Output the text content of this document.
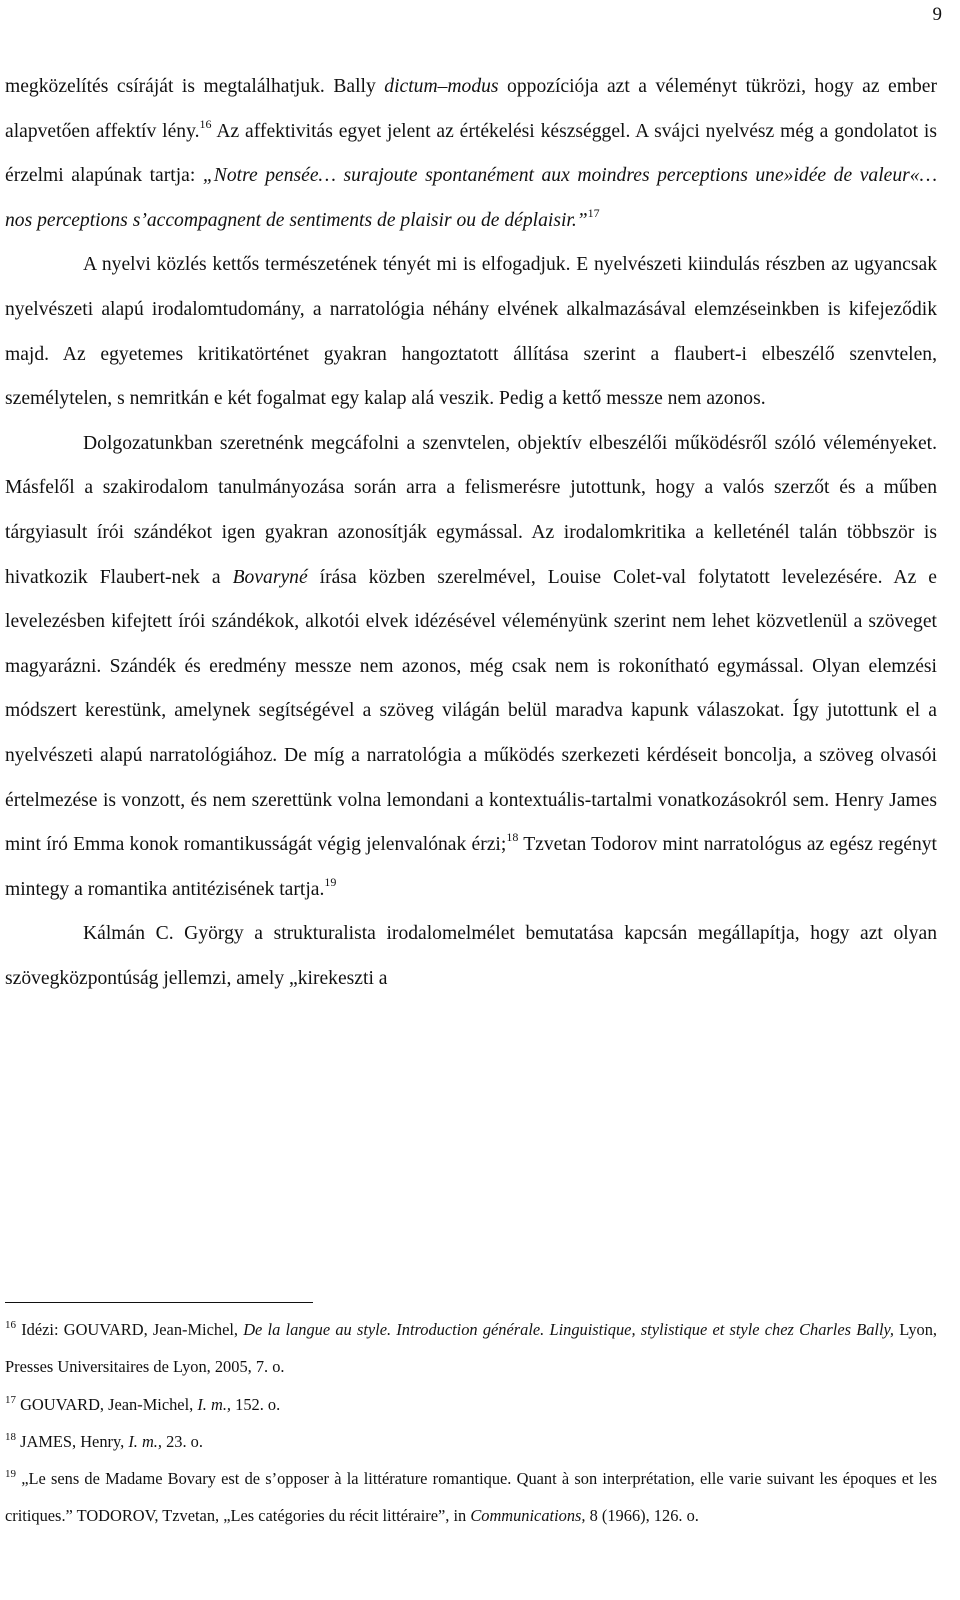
9

megközelítés csíráját is megtalálhatjuk. Bally dictum–modus oppozíciója azt a véleményt tükrözi, hogy az ember alapvetően affektív lény.$^{16}$ Az affektivitás egyet jelent az értékelési készséggel. A svájci nyelvész még a gondolatot is érzelmi alapúnak tartja: „Notre pensée… surajoute spontanément aux moindres perceptions une»idée de valeur«… nos perceptions s’accompagnent de sentiments de plaisir ou de déplaisir.”$^{17}$

A nyelvi közlés kettős természetének tényét mi is elfogadjuk. E nyelvészeti kiindulás részben az ugyancsak nyelvészeti alapú irodalomtudomány, a narratológia néhány elvének alkalmazásával elemzéseinkben is kifejeződik majd. Az egyetemes kritikatörténet gyakran hangoztatott állítása szerint a flaubert-i elbeszélő szenvtelen, személytelen, s nemritkán e két fogalmat egy kalap alá veszik. Pedig a kettő messze nem azonos.

Dolgozatunkban szeretnénk megcáfolni a szenvtelen, objektív elbeszélői működésről szóló véleményeket. Másfelől a szakirodalom tanulmányozása során arra a felismerésre jutottunk, hogy a valós szerzőt és a műben tárgyiasult írói szándékot igen gyakran azonosítják egymással. Az irodalomkritika a kelleténél talán többször is hivatkozik Flaubert-nek a Bovaryné írása közben szerelmével, Louise Colet-val folytatott levelezésére. Az e levelezésben kifejtett írói szándékok, alkotói elvek idézésével véleményünk szerint nem lehet közvetlenül a szöveget magyarázni. Szándék és eredmény messze nem azonos, még csak nem is rokonítható egymással. Olyan elemzési módszert kerestünk, amelynek segítségével a szöveg világán belül maradva kapunk válaszokat. Így jutottunk el a nyelvészeti alapú narratológiához. De míg a narratológia a működés szerkezeti kérdéseit boncolja, a szöveg olvasói értelmezése is vonzott, és nem szerettünk volna lemondani a kontextuális-tartalmi vonatkozásokról sem. Henry James mint író Emma konok romantikusságát végig jelenvalónak érzi;$^{18}$ Tzvetan Todorov mint narratológus az egész regényt mintegy a romantika antitézisének tartja.$^{19}$

Kálmán C. György a strukturalista irodalomelmélet bemutatása kapcsán megállapítja, hogy azt olyan szövegközpontúság jellemzi, amely „kirekeszti a

$^{16}$ Idézi: GOUVARD, Jean-Michel, De la langue au style. Introduction générale. Linguistique, stylistique et style chez Charles Bally, Lyon, Presses Universitaires de Lyon, 2005, 7. o.

$^{17}$ GOUVARD, Jean-Michel, I. m., 152. o.

$^{18}$ JAMES, Henry, I. m., 23. o.

$^{19}$ „Le sens de Madame Bovary est de s’opposer à la littérature romantique. Quant à son interprétation, elle varie suivant les époques et les critiques.” TODOROV, Tzvetan, „Les catégories du récit littéraire”, in Communications, 8 (1966), 126. o.
